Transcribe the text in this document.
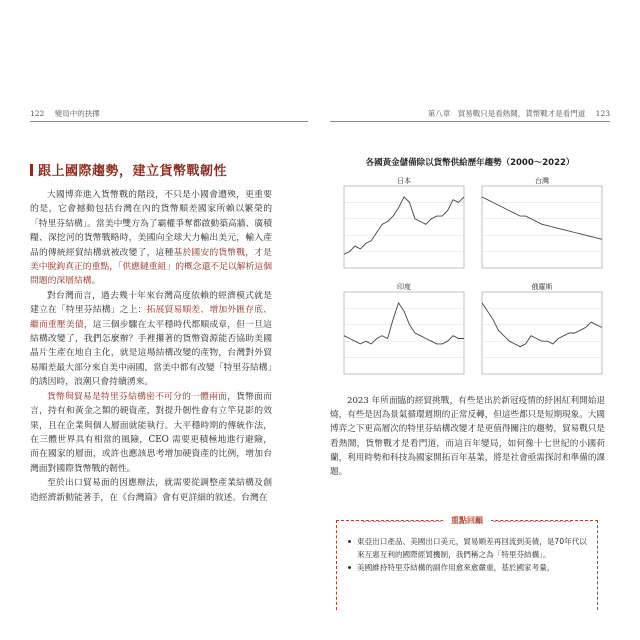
122 變局中的抉擇
跟上國際趨勢，建立貨幣戰韌性

大國博弈進入貨幣戰的階段，不只是小國會遭殃，更重要的是，它會撼動包括台灣在內的貨幣順差國家所賴以繁榮的「特里芬結構」。當美中雙方為了霸權爭奪都啟動築高牆、廣積糧、深挖河的貨幣戰略時，美國向全球大力輸出美元，輸入產品的傳統經貿結構就被改變了，這種基於國安的貨幣戰，才是美中脫鉤真正的重點，「供應鏈重組」的概念還不足以解析這個問題的深層結構。

對台灣而言，過去幾十年來台灣高度依賴的經濟模式就是建立在「特里芬結構」之上：拓展貿易順差、增加外匯存底、繼而重壓美債，這三個步驟在太平穩時代都順成章，但一旦這結構改變了，我們怎麼辦？手裡攥著的貨幣資源能否協助美國晶片生產在地自主化，就是這場結構改變的產物，台灣對外貿易順差最大部分來自美中兩國，當美中都有改變「特里芬結構」的誘因時，浪潮只會持續湧來。

貨幣與貿易是特里芬結構密不可分的一體兩面，貨幣面而言，持有和黃金之類的硬資產，對提升韌性會有立竿見影的效果，且在企業與個人層面就能執行。大平穩時期的傳統作法，在三體世界具有相當的風險，CEO 需要更積極地進行避險，而在國家的層面，或許也應該思考增加硬資產的比例，增加台灣面對國際貨幣戰的韌性。

至於出口貿易面的因應辦法，就需要從調整產業結構及創造經濟新動能著手，在《台灣篇》會有更詳細的敘述。台灣在

第八章　貿易戰只是看熱鬧，貨幣戰才是看門道 123
各國黃金儲備除以貨幣供給歷年趨勢（2000～2022）
日本	台灣
印度	俄羅斯

2023 年所面臨的經貿挑戰，有些是出於新冠疫情的紓困紅利開始退燒，有些是因為景氣循環週期的正常反轉，但這些都只是短期現象。大國博弈之下更高層次的特里芬結構改變才是更值得關注的趨勢，貿易戰只是看熱鬧，貨幣戰才是看門道，而這百年變局，如何像十七世紀的小國荷蘭，利用時勢和科技為國家開拓百年基業，將是社會亟需探討和準備的課題。

重點回顧
東亞出口產品、美國出口美元，貿易順差再回流到美債，是70年代以來互惠互利的國際經貿機制，我們稱之為「特里芬結構」。
美國維持特里芬結構的副作用愈來愈嚴重，基於國家考量，
